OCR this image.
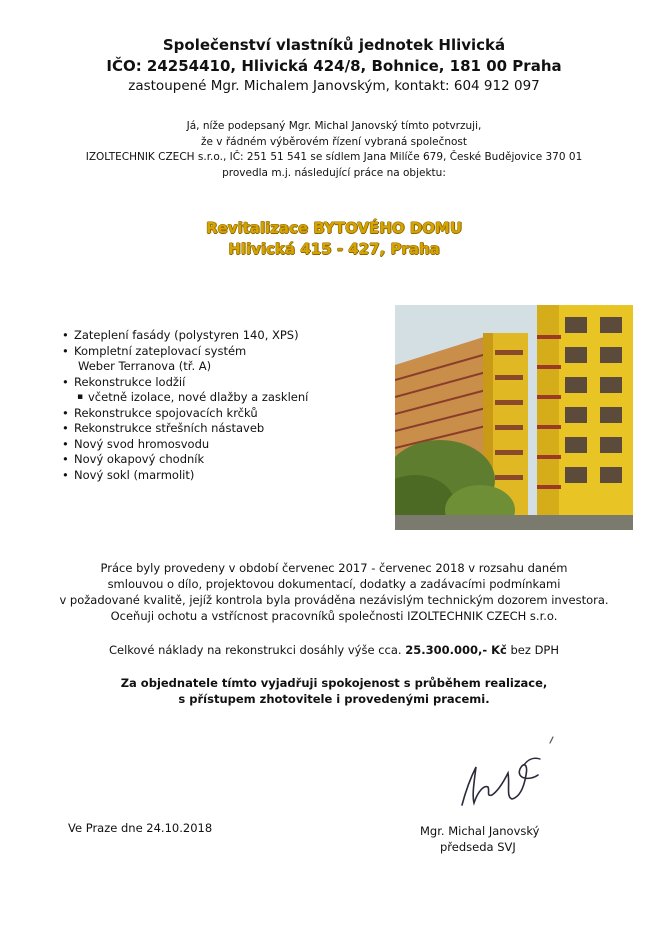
Společenství vlastníků jednotek Hlivická
IČO: 24254410, Hlivická 424/8, Bohnice, 181 00 Praha
zastoupené Mgr. Michalem Janovským, kontakt: 604 912 097
Já, níže podepsaný Mgr. Michal Janovský tímto potvrzuji,
že v řádném výběrovém řízení vybraná společnost
IZOLTECHNIK CZECH s.r.o., IČ: 251 51 541 se sídlem Jana Milíče 679, České Budějovice 370 01
provedla m.j. následující práce na objektu:
Revitalizace BYTOVÉHO DOMU
Hlivická 415 - 427, Praha
• Zateplení fasády (polystyren 140, XPS)
• Kompletní zateplovací systém
Weber Terranova (tř. A)
• Rekonstrukce lodžií
▪ včetně izolace, nové dlažby a zasklení
• Rekonstrukce spojovacích krčků
• Rekonstrukce střešních nástaveb
• Nový svod hromosvodu
• Nový okapový chodník
• Nový sokl (marmolit)
Práce byly provedeny v období červenec 2017 - červenec 2018 v rozsahu daném
smlouvou o dílo, projektovou dokumentací, dodatky a zadávacími podmínkami
v požadované kvalitě, jejíž kontrola byla prováděna nezávislým technickým dozorem investora.
Oceňuji ochotu a vstřícnost pracovníků společnosti IZOLTECHNIK CZECH s.r.o.
Celkové náklady na rekonstrukci dosáhly výše cca. 25.300.000,- Kč bez DPH
Za objednatele tímto vyjadřuji spokojenost s průběhem realizace,
s přístupem zhotovitele i provedenými pracemi.
Ve Praze dne 24.10.2018	Mgr. Michal Janovský
předseda SVJ
